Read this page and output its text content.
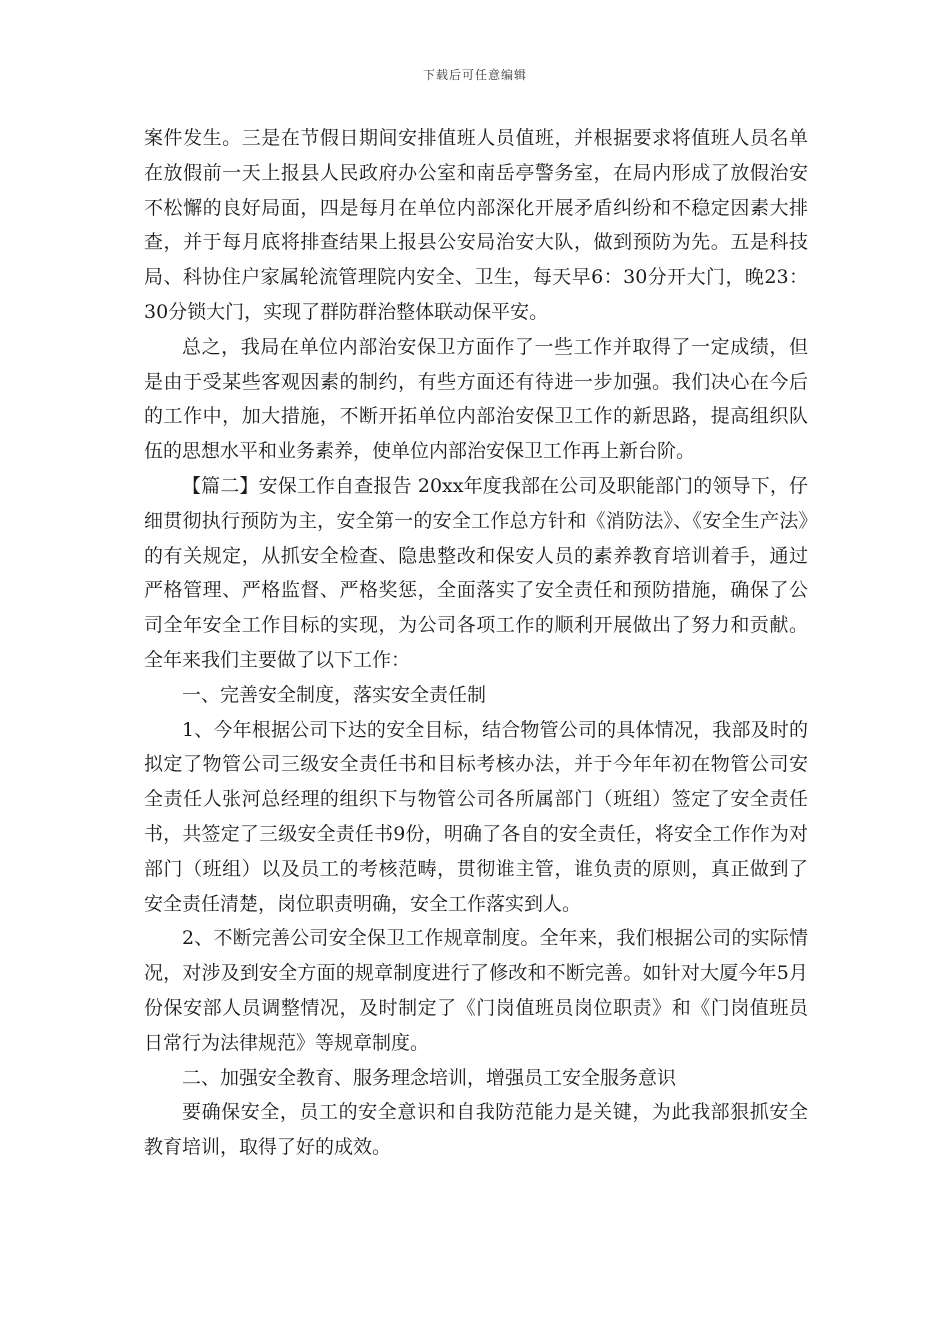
下载后可任意编辑

案件发生。三是在节假日期间安排值班人员值班，并根据要求将值班人员名单在放假前一天上报县人民政府办公室和南岳亭警务室，在局内形成了放假治安不松懈的良好局面，四是每月在单位内部深化开展矛盾纠纷和不稳定因素大排查，并于每月底将排查结果上报县公安局治安大队，做到预防为先。五是科技局、科协住户家属轮流管理院内安全、卫生，每天早6：30分开大门，晚23：30分锁大门，实现了群防群治整体联动保平安。

总之，我局在单位内部治安保卫方面作了一些工作并取得了一定成绩，但是由于受某些客观因素的制约，有些方面还有待进一步加强。我们决心在今后的工作中，加大措施，不断开拓单位内部治安保卫工作的新思路，提高组织队伍的思想水平和业务素养，使单位内部治安保卫工作再上新台阶。

【篇二】安保工作自查报告 20xx年度我部在公司及职能部门的领导下，仔细贯彻执行预防为主，安全第一的安全工作总方针和《消防法》、《安全生产法》的有关规定，从抓安全检查、隐患整改和保安人员的素养教育培训着手，通过严格管理、严格监督、严格奖惩，全面落实了安全责任和预防措施，确保了公司全年安全工作目标的实现，为公司各项工作的顺利开展做出了努力和贡献。全年来我们主要做了以下工作：

一、完善安全制度，落实安全责任制

1、今年根据公司下达的安全目标，结合物管公司的具体情况，我部及时的拟定了物管公司三级安全责任书和目标考核办法，并于今年年初在物管公司安全责任人张河总经理的组织下与物管公司各所属部门（班组）签定了安全责任书，共签定了三级安全责任书9份，明确了各自的安全责任，将安全工作作为对部门（班组）以及员工的考核范畴，贯彻谁主管，谁负责的原则，真正做到了安全责任清楚，岗位职责明确，安全工作落实到人。

2、不断完善公司安全保卫工作规章制度。全年来，我们根据公司的实际情况，对涉及到安全方面的规章制度进行了修改和不断完善。如针对大厦今年5月份保安部人员调整情况，及时制定了《门岗值班员岗位职责》和《门岗值班员日常行为法律规范》等规章制度。

二、加强安全教育、服务理念培训，增强员工安全服务意识

要确保安全，员工的安全意识和自我防范能力是关键，为此我部狠抓安全教育培训，取得了好的成效。
